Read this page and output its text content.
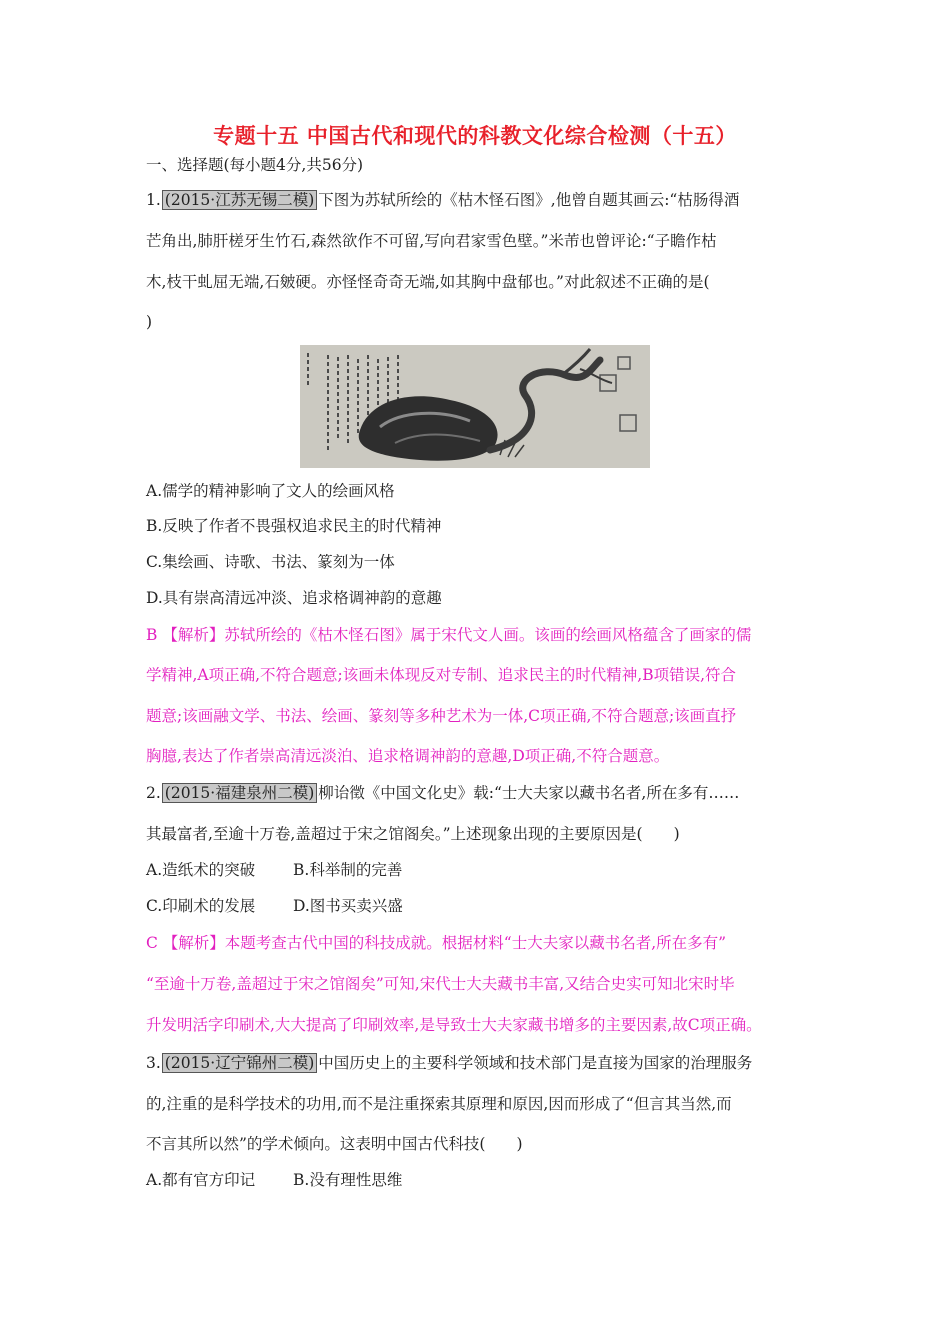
专题十五 中国古代和现代的科教文化综合检测（十五）
一、选择题(每小题4分,共56分)
1. (2015·江苏无锡二模) 下图为苏轼所绘的《枯木怪石图》,他曾自题其画云:“枯肠得酒
芒角出,肺肝槎牙生竹石,森然欲作不可留,写向君家雪色壁。”米芾也曾评论:“子瞻作枯
木,枝干虬屈无端,石皴硬。亦怪怪奇奇无端,如其胸中盘郁也。”对此叙述不正确的是(
)
A.儒学的精神影响了文人的绘画风格
B.反映了作者不畏强权追求民主的时代精神
C.集绘画、诗歌、书法、篆刻为一体
D.具有崇高清远冲淡、追求格调神韵的意趣
B 【解析】苏轼所绘的《枯木怪石图》属于宋代文人画。该画的绘画风格蕴含了画家的儒
学精神,A项正确,不符合题意;该画未体现反对专制、追求民主的时代精神,B项错误,符合
题意;该画融文学、书法、绘画、篆刻等多种艺术为一体,C项正确,不符合题意;该画直抒
胸臆,表达了作者崇高清远淡泊、追求格调神韵的意趣,D项正确,不符合题意。
2. (2015·福建泉州二模) 柳诒徵《中国文化史》载:“士大夫家以藏书名者,所在多有……
其最富者,至逾十万卷,盖超过于宋之馆阁矣。”上述现象出现的主要原因是(　　)
A.造纸术的突破 B.科举制的完善
C.印刷术的发展 D.图书买卖兴盛
C 【解析】本题考查古代中国的科技成就。根据材料“士大夫家以藏书名者,所在多有”
“至逾十万卷,盖超过于宋之馆阁矣”可知,宋代士大夫藏书丰富,又结合史实可知北宋时毕
升发明活字印刷术,大大提高了印刷效率,是导致士大夫家藏书增多的主要因素,故C项正确。
3. (2015·辽宁锦州二模) 中国历史上的主要科学领域和技术部门是直接为国家的治理服务
的,注重的是科学技术的功用,而不是注重探索其原理和原因,因而形成了“但言其当然,而
不言其所以然”的学术倾向。这表明中国古代科技(　　)
A.都有官方印记 B.没有理性思维
